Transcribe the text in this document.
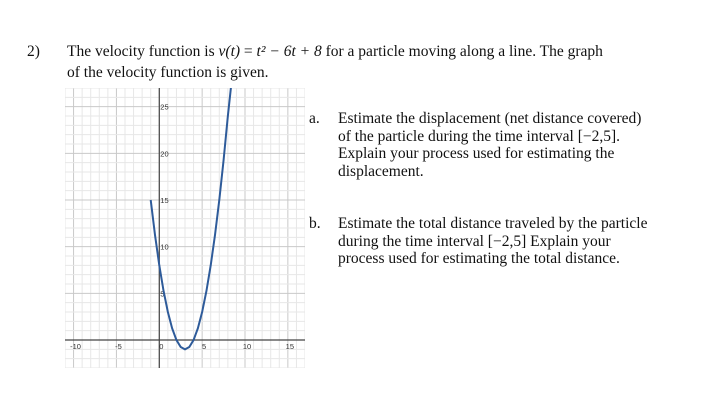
2) The velocity function is v(t) = t² − 6t + 8 for a particle moving along a line. The graph
of the velocity function is given.
-10	-5	0	5	10	15
25
20
15
10
5
a. Estimate the displacement (net distance covered)
of the particle during the time interval [−2,5].
Explain your process used for estimating the
displacement.
b. Estimate the total distance traveled by the particle
during the time interval [−2,5] Explain your
process used for estimating the total distance.
